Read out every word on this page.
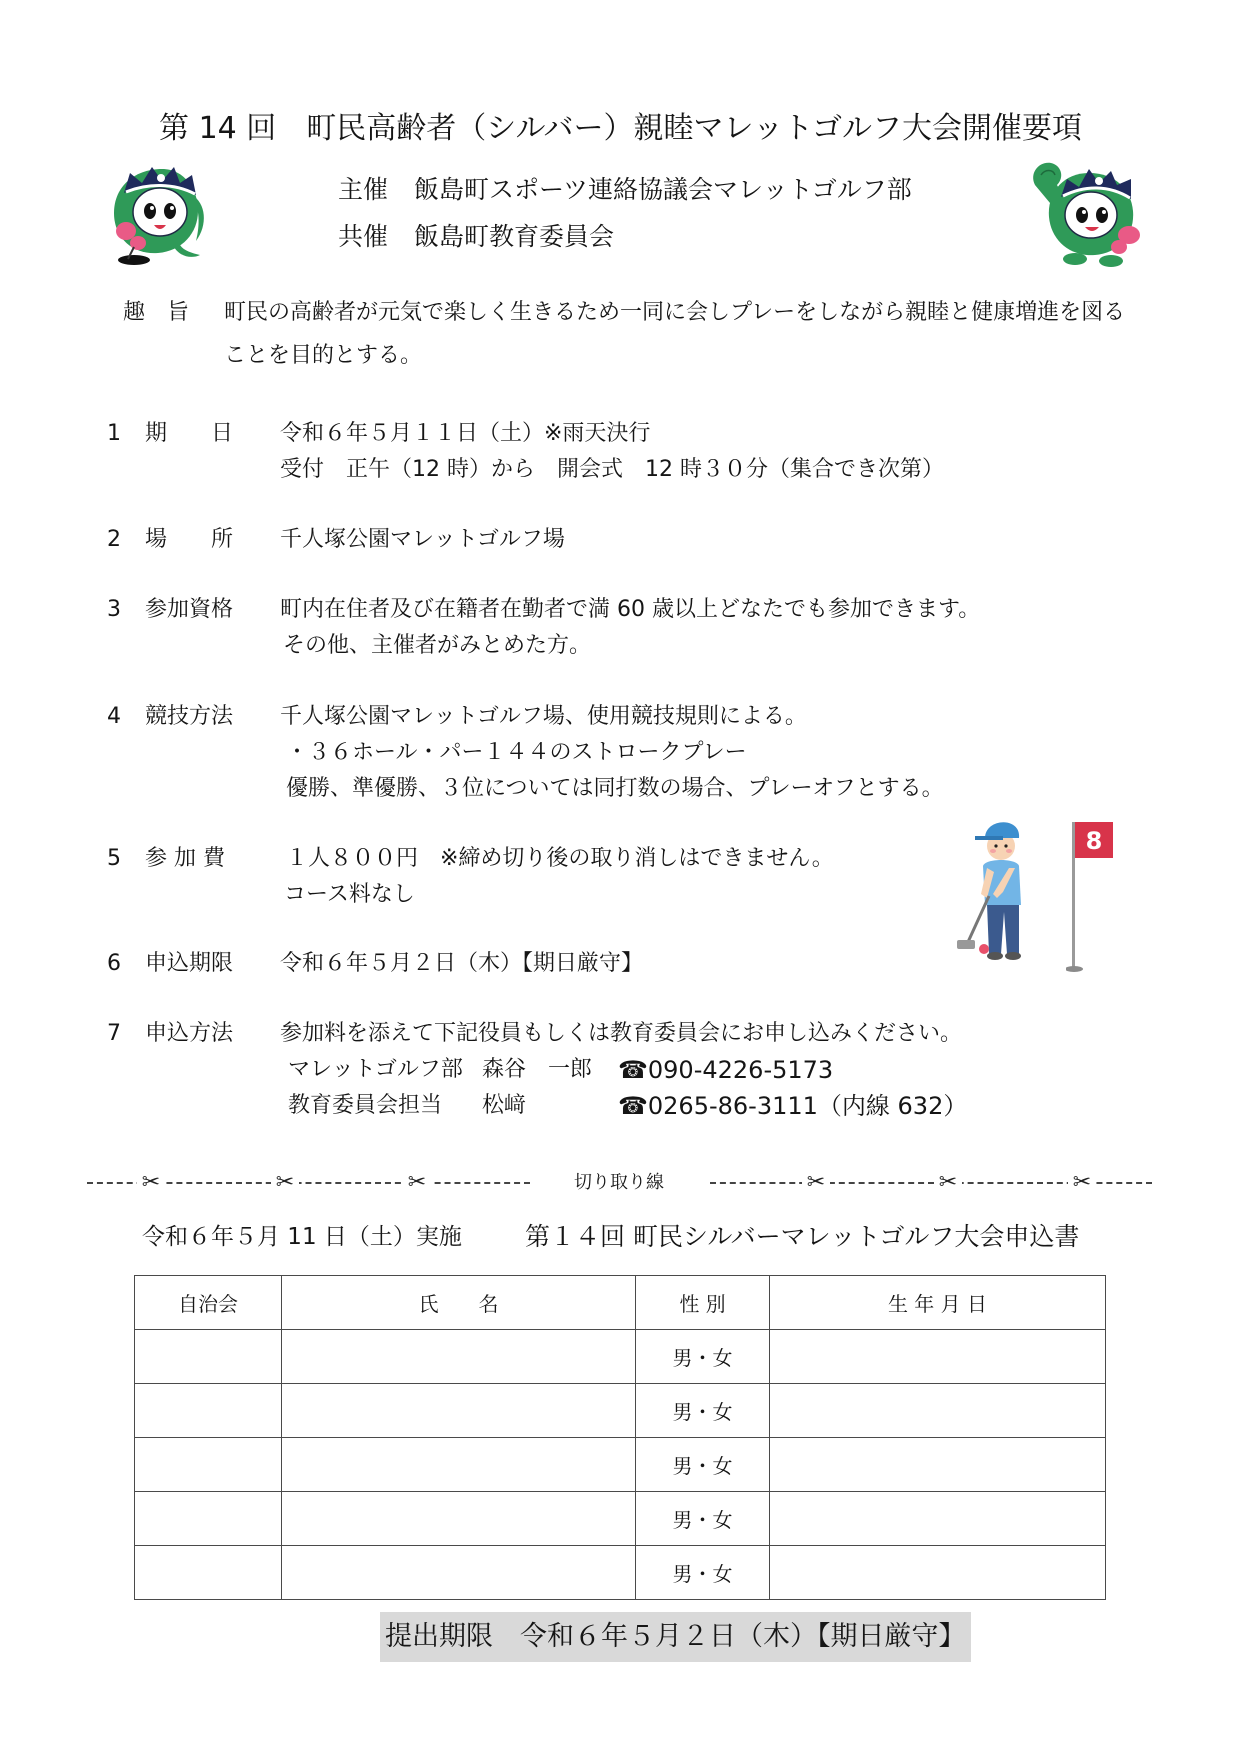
第 14 回　町民高齢者（シルバー）親睦マレットゴルフ大会開催要項
主催 飯島町スポーツ連絡協議会マレットゴルフ部
共催 飯島町教育委員会
趣　旨 町民の高齢者が元気で楽しく生きるため一同に会しプレーをしながら親睦と健康増進を図る
ことを目的とする。
1 期　　日 令和６年５月１１日（土）※雨天決行
受付　正午（12 時）から　開会式　12 時３０分（集合でき次第）
2 場　　所 千人塚公園マレットゴルフ場
3 参加資格 町内在住者及び在籍者在勤者で満 60 歳以上どなたでも参加できます。
その他、主催者がみとめた方。
4 競技方法 千人塚公園マレットゴルフ場、使用競技規則による。
・３６ホール・パー１４４のストロークプレー
優勝、準優勝、３位については同打数の場合、プレーオフとする。
5 参 加 費	１人８００円　※締め切り後の取り消しはできません。
コース料なし
6 申込期限 令和６年５月２日（木）【期日厳守】
7 申込方法 参加料を添えて下記役員もしくは教育委員会にお申し込みください。
マレットゴルフ部 森谷　一郎 ☎090-4226-5173
教育委員会担当 松﨑	☎0265-86-3111（内線 632）
8
✂	✂	✂	✂	✂	✂
切り取り線
令和６年５月 11 日（土）実施	第１４回 町民シルバーマレットゴルフ大会申込書
自治会	氏　　名	性 別	生 年 月 日
		男・女	
		男・女	
		男・女	
		男・女	
		男・女	
提出期限　令和６年５月２日（木）【期日厳守】
